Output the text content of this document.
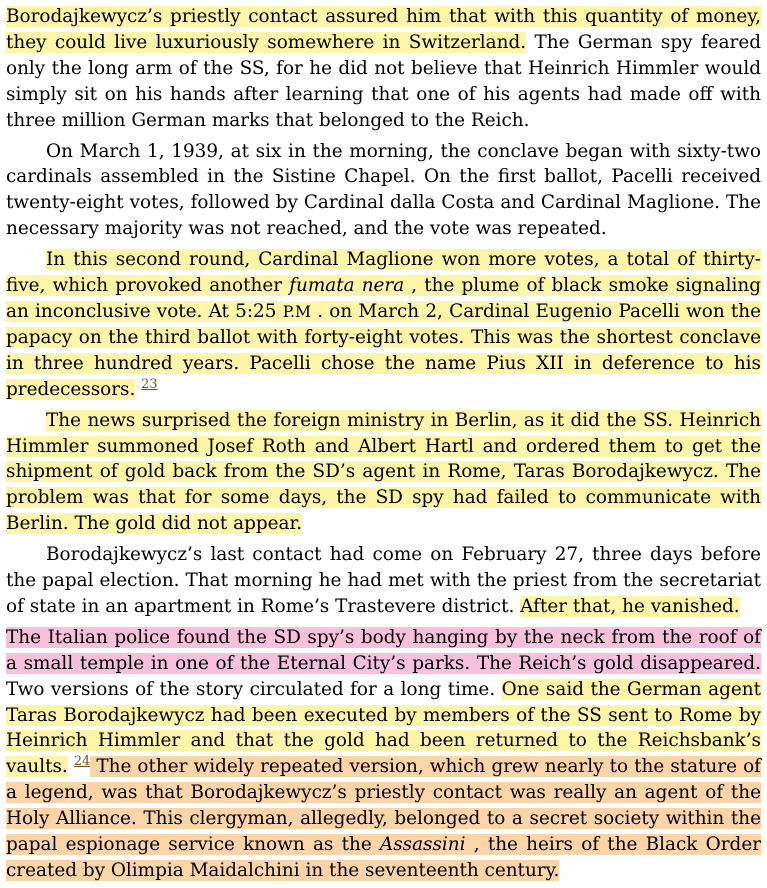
Borodajkewycz’s priestly contact assured him that with this quantity of money, they could live luxuriously somewhere in Switzerland. The German spy feared only the long arm of the SS, for he did not believe that Heinrich Himmler would simply sit on his hands after learning that one of his agents had made off with three million German marks that belonged to the Reich.

On March 1, 1939, at six in the morning, the conclave began with sixty-two cardinals assembled in the Sistine Chapel. On the first ballot, Pacelli received twenty-eight votes, followed by Cardinal dalla Costa and Cardinal Maglione. The necessary majority was not reached, and the vote was repeated.

In this second round, Cardinal Maglione won more votes, a total of thirty-five, which provoked another fumata nera , the plume of black smoke signaling an inconclusive vote. At 5:25 P.M . on March 2, Cardinal Eugenio Pacelli won the papacy on the third ballot with forty-eight votes. This was the shortest conclave in three hundred years. Pacelli chose the name Pius XII in deference to his predecessors. $^{23}$

The news surprised the foreign ministry in Berlin, as it did the SS. Heinrich Himmler summoned Josef Roth and Albert Hartl and ordered them to get the shipment of gold back from the SD’s agent in Rome, Taras Borodajkewycz. The problem was that for some days, the SD spy had failed to communicate with Berlin. The gold did not appear.

Borodajkewycz’s last contact had come on February 27, three days before the papal election. That morning he had met with the priest from the secretariat of state in an apartment in Rome’s Trastevere district. After that, he vanished.

The Italian police found the SD spy’s body hanging by the neck from the roof of a small temple in one of the Eternal City’s parks. The Reich’s gold disappeared. Two versions of the story circulated for a long time. One said the German agent Taras Borodajkewycz had been executed by members of the SS sent to Rome by Heinrich Himmler and that the gold had been returned to the Reichsbank’s vaults. $^{24}$ The other widely repeated version, which grew nearly to the stature of a legend, was that Borodajkewycz’s priestly contact was really an agent of the Holy Alliance. This clergyman, allegedly, belonged to a secret society within the papal espionage service known as the Assassini , the heirs of the Black Order created by Olimpia Maidalchini in the seventeenth century.
